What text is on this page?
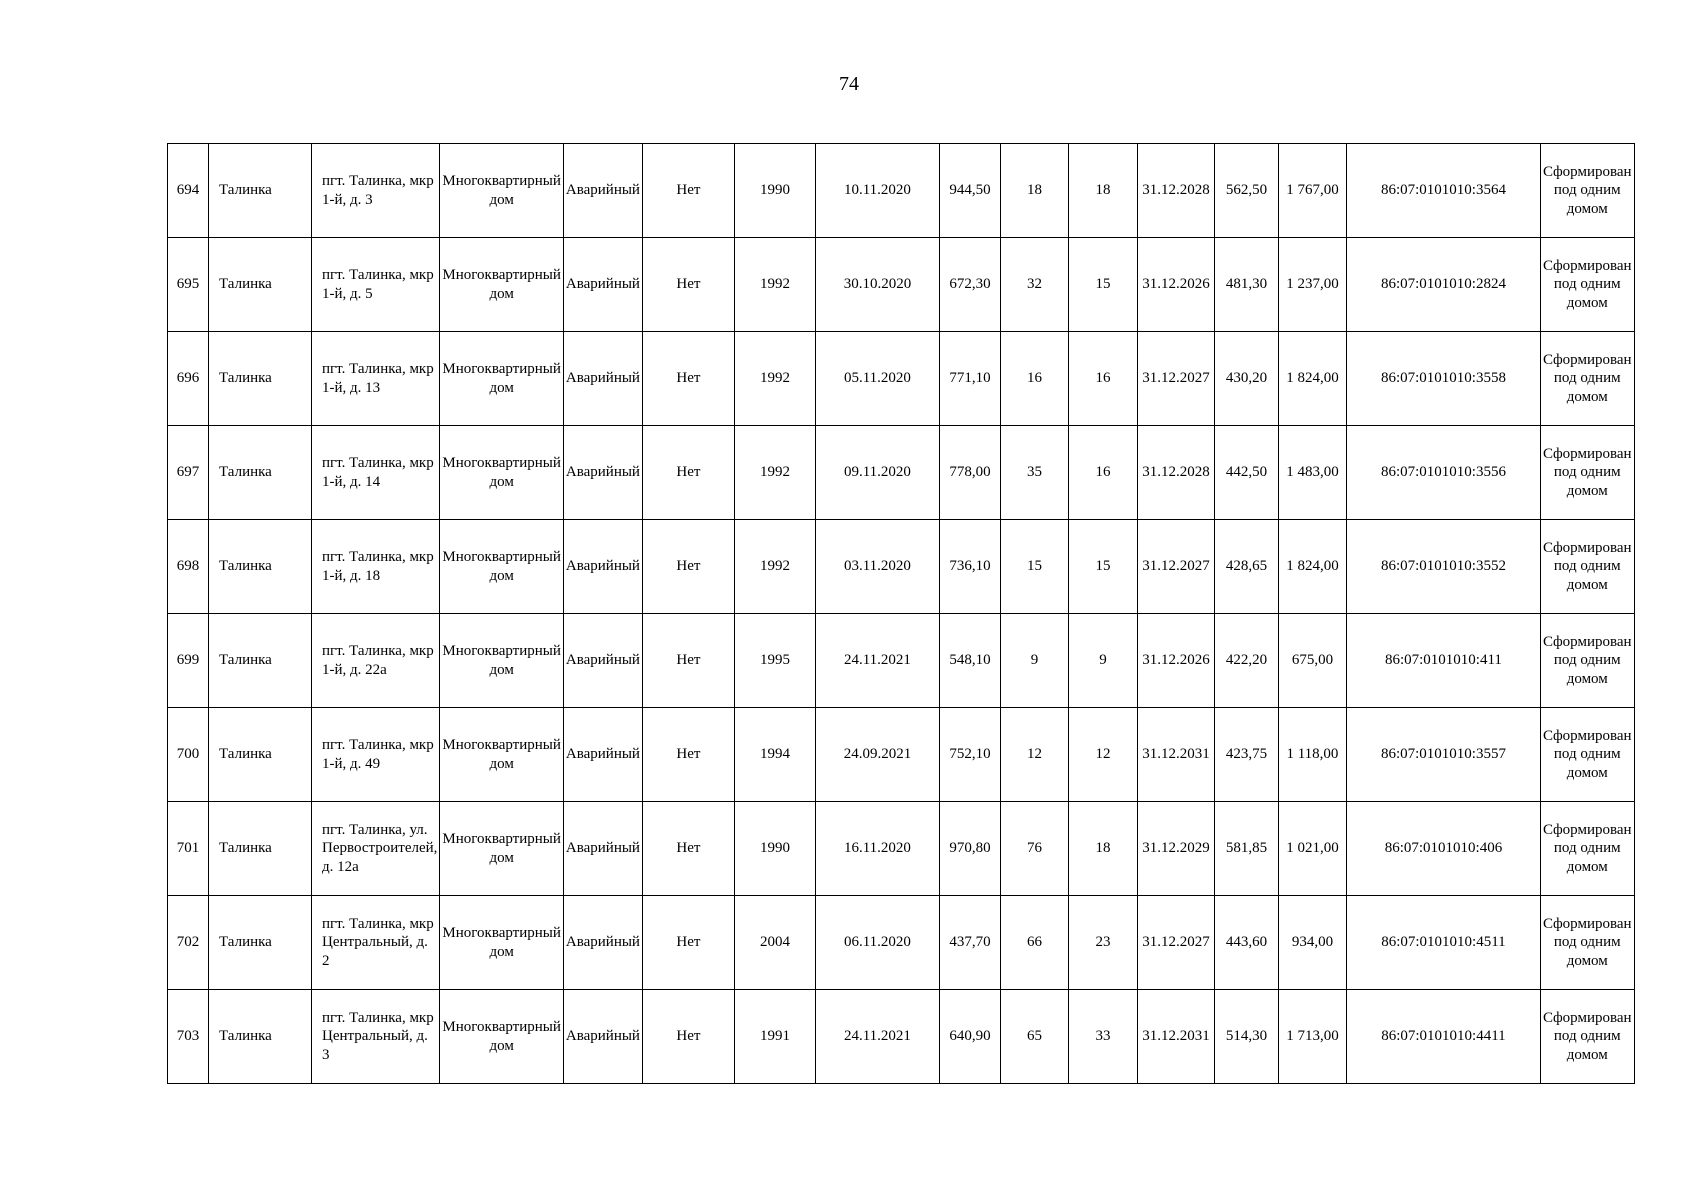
74
694	Талинка	пгт. Талинка, мкр 1-й, д. 3	Многоквартирный дом	Аварийный	Нет	1990	10.11.2020	944,50	18	18	31.12.2028	562,50	1 767,00	86:07:0101010:3564	Сформирован под одним домом
695	Талинка	пгт. Талинка, мкр 1-й, д. 5	Многоквартирный дом	Аварийный	Нет	1992	30.10.2020	672,30	32	15	31.12.2026	481,30	1 237,00	86:07:0101010:2824	Сформирован под одним домом
696	Талинка	пгт. Талинка, мкр 1-й, д. 13	Многоквартирный дом	Аварийный	Нет	1992	05.11.2020	771,10	16	16	31.12.2027	430,20	1 824,00	86:07:0101010:3558	Сформирован под одним домом
697	Талинка	пгт. Талинка, мкр 1-й, д. 14	Многоквартирный дом	Аварийный	Нет	1992	09.11.2020	778,00	35	16	31.12.2028	442,50	1 483,00	86:07:0101010:3556	Сформирован под одним домом
698	Талинка	пгт. Талинка, мкр 1-й, д. 18	Многоквартирный дом	Аварийный	Нет	1992	03.11.2020	736,10	15	15	31.12.2027	428,65	1 824,00	86:07:0101010:3552	Сформирован под одним домом
699	Талинка	пгт. Талинка, мкр 1-й, д. 22а	Многоквартирный дом	Аварийный	Нет	1995	24.11.2021	548,10	9	9	31.12.2026	422,20	675,00	86:07:0101010:411	Сформирован под одним домом
700	Талинка	пгт. Талинка, мкр 1-й, д. 49	Многоквартирный дом	Аварийный	Нет	1994	24.09.2021	752,10	12	12	31.12.2031	423,75	1 118,00	86:07:0101010:3557	Сформирован под одним домом
701	Талинка	пгт. Талинка, ул. Первостроителей, д. 12а	Многоквартирный дом	Аварийный	Нет	1990	16.11.2020	970,80	76	18	31.12.2029	581,85	1 021,00	86:07:0101010:406	Сформирован под одним домом
702	Талинка	пгт. Талинка, мкр Центральный, д. 2	Многоквартирный дом	Аварийный	Нет	2004	06.11.2020	437,70	66	23	31.12.2027	443,60	934,00	86:07:0101010:4511	Сформирован под одним домом
703	Талинка	пгт. Талинка, мкр Центральный, д. 3	Многоквартирный дом	Аварийный	Нет	1991	24.11.2021	640,90	65	33	31.12.2031	514,30	1 713,00	86:07:0101010:4411	Сформирован под одним домом
